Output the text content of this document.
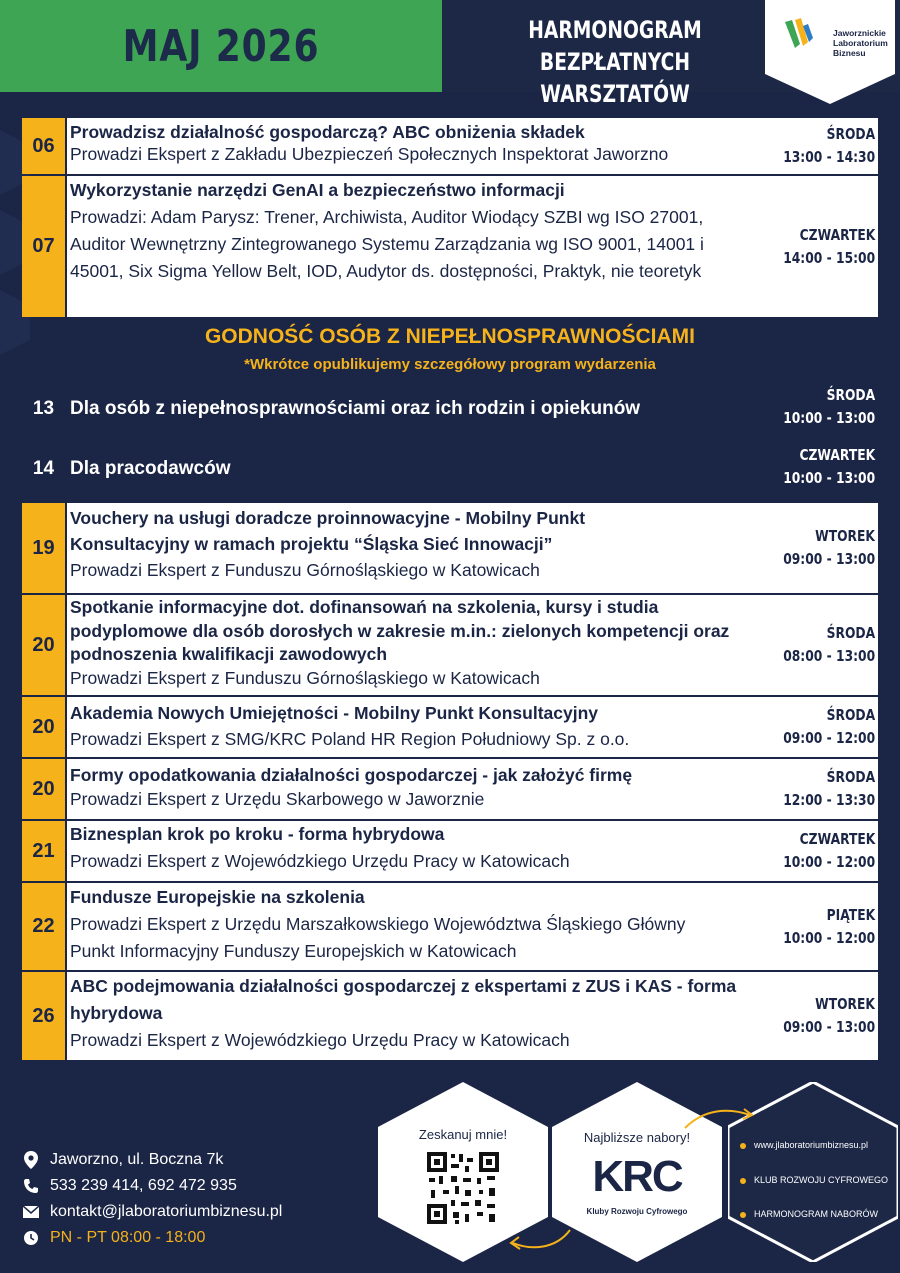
MAJ 2026	HARMONOGRAM
BEZPŁATNYCH WARSZTATÓW
Jaworznickie
Laboratorium
Biznesu
06
Prowadzisz działalność gospodarczą? ABC obniżenia składek
Prowadzi Ekspert z Zakładu Ubezpieczeń Społecznych Inspektorat Jaworzno
ŚRODA
13:00 - 14:30
07
Wykorzystanie narzędzi GenAI a bezpieczeństwo informacji
Prowadzi: Adam Parysz: Trener, Archiwista, Auditor Wiodący SZBI wg ISO 27001, Auditor Wewnętrzny Zintegrowanego Systemu Zarządzania wg ISO 9001, 14001 i 45001, Six Sigma Yellow Belt, IOD, Audytor ds. dostępności, Praktyk, nie teoretyk
CZWARTEK
14:00 - 15:00
GODNOŚĆ OSÓB Z NIEPEŁNOSPRAWNOŚCIAMI
*Wkrótce opublikujemy szczegółowy program wydarzenia
13 Dla osób z niepełnosprawnościami oraz ich rodzin i opiekunów
ŚRODA
10:00 - 13:00
14 Dla pracodawców
CZWARTEK
10:00 - 13:00
19
Vouchery na usługi doradcze proinnowacyjne - Mobilny Punkt Konsultacyjny w ramach projektu “Śląska Sieć Innowacji”
Prowadzi Ekspert z Funduszu Górnośląskiego w Katowicach
WTOREK
09:00 - 13:00
20
Spotkanie informacyjne dot. dofinansowań na szkolenia, kursy i studia podyplomowe dla osób dorosłych w zakresie m.in.: zielonych kompetencji oraz podnoszenia kwalifikacji zawodowych
Prowadzi Ekspert z Funduszu Górnośląskiego w Katowicach
ŚRODA
08:00 - 13:00
20
Akademia Nowych Umiejętności - Mobilny Punkt Konsultacyjny
Prowadzi Ekspert z SMG/KRC Poland HR Region Południowy Sp. z o.o.
ŚRODA
09:00 - 12:00
20
Formy opodatkowania działalności gospodarczej - jak założyć firmę
Prowadzi Ekspert z Urzędu Skarbowego w Jaworznie
ŚRODA
12:00 - 13:30
21
Biznesplan krok po kroku - forma hybrydowa
Prowadzi Ekspert z Wojewódzkiego Urzędu Pracy w Katowicach
CZWARTEK
10:00 - 12:00
22
Fundusze Europejskie na szkolenia
Prowadzi Ekspert z Urzędu Marszałkowskiego Województwa Śląskiego Główny Punkt Informacyjny Funduszy Europejskich w Katowicach
PIĄTEK
10:00 - 12:00
26
ABC podejmowania działalności gospodarczej z ekspertami z ZUS i KAS - forma hybrydowa
Prowadzi Ekspert z Wojewódzkiego Urzędu Pracy w Katowicach
WTOREK
09:00 - 13:00
Jaworzno, ul. Boczna 7k
533 239 414, 692 472 935
kontakt@jlaboratoriumbiznesu.pl
PN - PT 08:00 - 18:00
Zeskanuj mnie!	Najbliższe nabory!
KRC
Kluby Rozwoju Cyfrowego
www.jlaboratoriumbiznesu.pl
KLUB ROZWOJU CYFROWEGO
HARMONOGRAM NABORÓW
